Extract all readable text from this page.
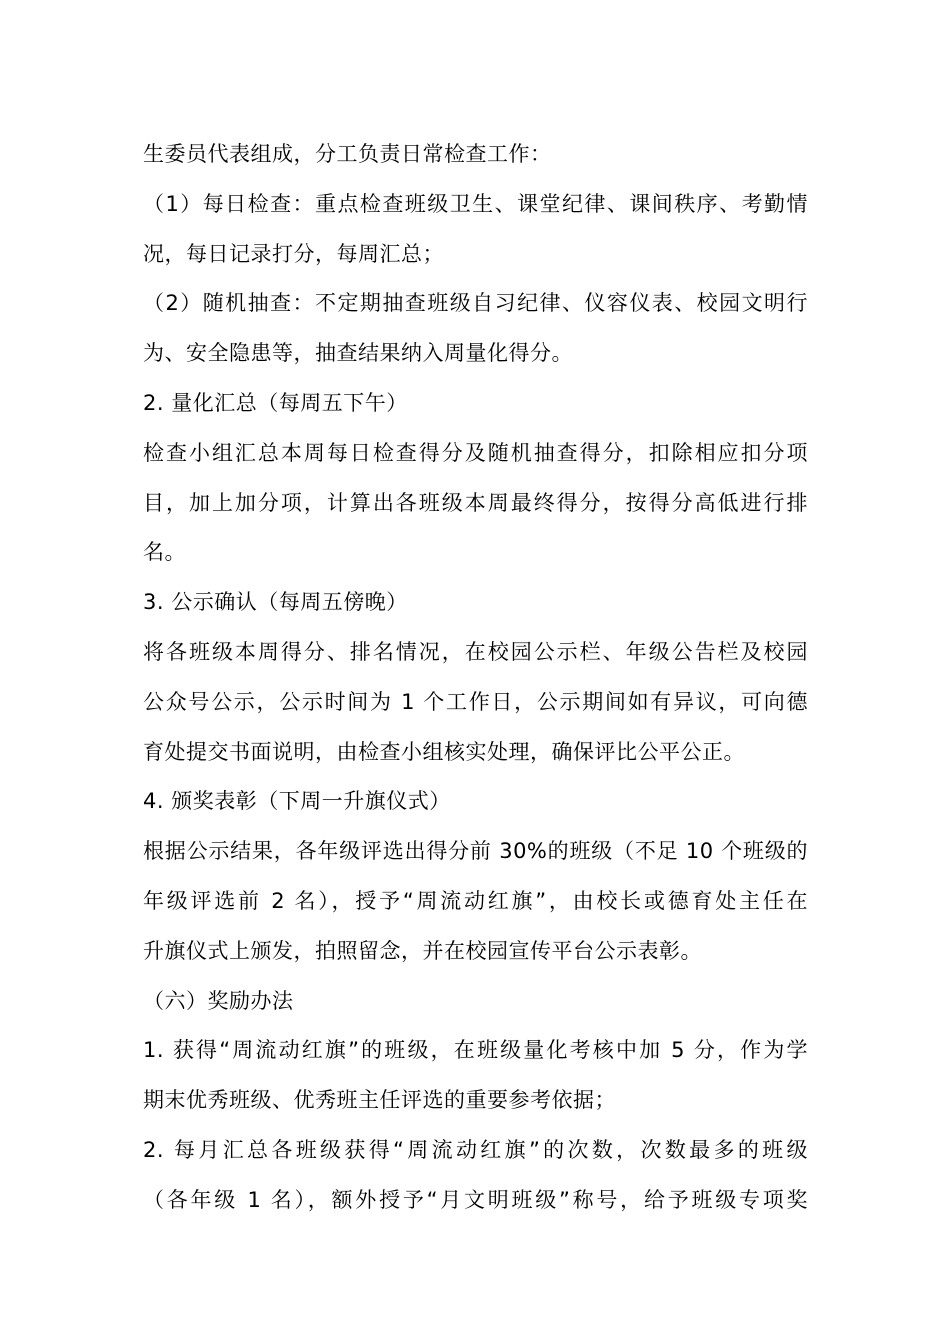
生委员代表组成，分工负责日常检查工作：
（1）每日检查：重点检查班级卫生、课堂纪律、课间秩序、考勤情
况，每日记录打分，每周汇总；
（2）随机抽查：不定期抽查班级自习纪律、仪容仪表、校园文明行
为、安全隐患等，抽查结果纳入周量化得分。
2. 量化汇总（每周五下午）
检查小组汇总本周每日检查得分及随机抽查得分，扣除相应扣分项
目，加上加分项，计算出各班级本周最终得分，按得分高低进行排
名。
3. 公示确认（每周五傍晚）
将各班级本周得分、排名情况，在校园公示栏、年级公告栏及校园
公众号公示，公示时间为 1 个工作日，公示期间如有异议，可向德
育处提交书面说明，由检查小组核实处理，确保评比公平公正。
4. 颁奖表彰（下周一升旗仪式）
根据公示结果，各年级评选出得分前 30%的班级（不足 10 个班级的
年级评选前 2 名），授予“周流动红旗”，由校长或德育处主任在
升旗仪式上颁发，拍照留念，并在校园宣传平台公示表彰。
（六）奖励办法
1. 获得“周流动红旗”的班级，在班级量化考核中加 5 分，作为学
期末优秀班级、优秀班主任评选的重要参考依据；
2. 每月汇总各班级获得“周流动红旗”的次数，次数最多的班级
（各年级 1 名），额外授予“月文明班级”称号，给予班级专项奖
